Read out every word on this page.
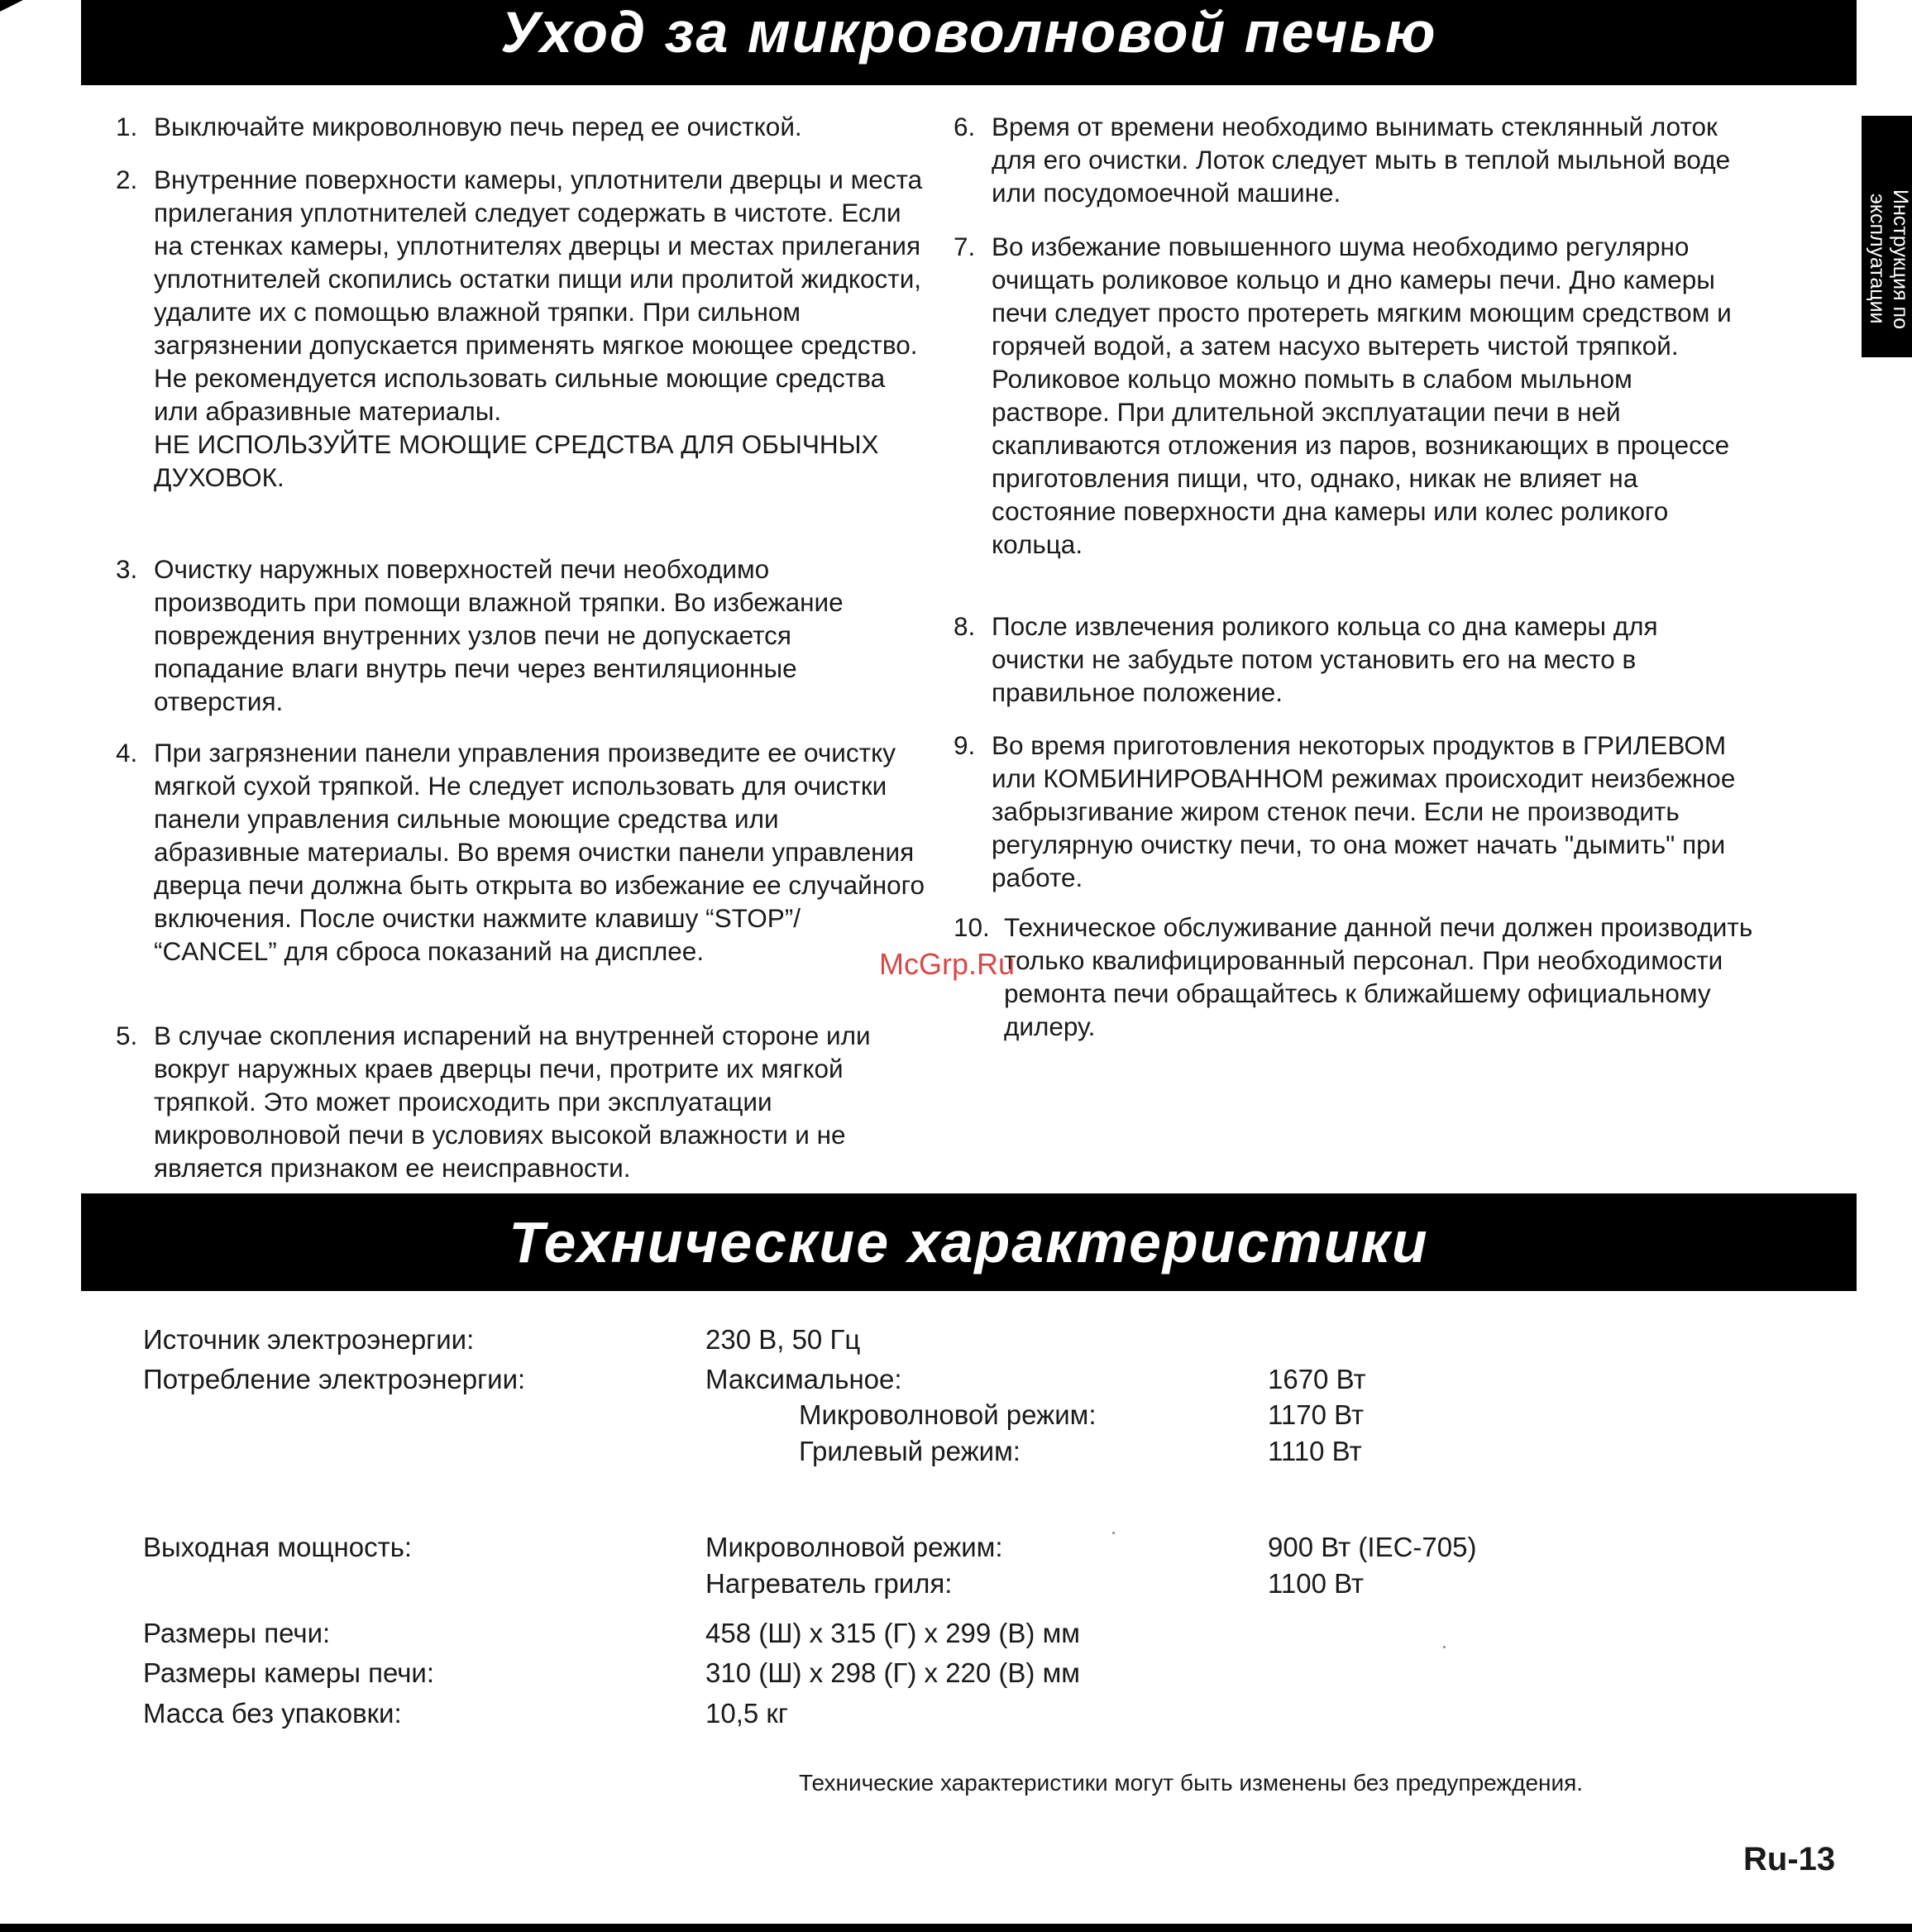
Уход за микроволновой печью
Инструкция по
эксплуатации
1. Выключайте микроволновую печь перед ее очисткой.
2. Внутренние поверхности камеры, уплотнители дверцы и места прилегания уплотнителей следует содержать в чистоте. Если на стенках камеры, уплотнителях дверцы и местах прилегания уплотнителей скопились остатки пищи или пролитой жидкости, удалите их с помощью влажной тряпки. При сильном загрязнении допускается применять мягкое моющее средство. Не рекомендуется использовать сильные моющие средства или абразивные материалы.
НЕ ИСПОЛЬЗУЙТЕ МОЮЩИЕ СРЕДСТВА ДЛЯ ОБЫЧНЫХ ДУХОВОК.
3. Очистку наружных поверхностей печи необходимо производить при помощи влажной тряпки. Во избежание повреждения внутренних узлов печи не допускается попадание влаги внутрь печи через вентиляционные отверстия.
4. При загрязнении панели управления произведите ее очистку мягкой сухой тряпкой. Не следует использовать для очистки панели управления сильные моющие средства или абразивные материалы. Во время очистки панели управления дверца печи должна быть открыта во избежание ее случайного включения. После очистки нажмите клавишу “STOP”/ “CANCEL” для сброса показаний на дисплее.
5. В случае скопления испарений на внутренней стороне или вокруг наружных краев дверцы печи, протрите их мягкой тряпкой. Это может происходить при эксплуатации микроволновой печи в условиях высокой влажности и не является признаком ее неисправности.
6. Время от времени необходимо вынимать стеклянный лоток для его очистки. Лоток следует мыть в теплой мыльной воде или посудомоечной машине.
7. Во избежание повышенного шума необходимо регулярно очищать роликовое кольцо и дно камеры печи. Дно камеры печи следует просто протереть мягким моющим средством и горячей водой, а затем насухо вытереть чистой тряпкой. Роликовое кольцо можно помыть в слабом мыльном растворе. При длительной эксплуатации печи в ней скапливаются отложения из паров, возникающих в процессе приготовления пищи, что, однако, никак не влияет на состояние поверхности дна камеры или колес роликого кольца.
8. После извлечения роликого кольца со дна камеры для очистки не забудьте потом установить его на место в правильное положение.
9. Во время приготовления некоторых продуктов в ГРИЛЕВОМ или КОМБИНИРОВАННОМ режимах происходит неизбежное забрызгивание жиром стенок печи. Если не производить регулярную очистку печи, то она может начать "дымить" при работе.
10. Техническое обслуживание данной печи должен производить только квалифицированный персонал. При необходимости ремонта печи обращайтесь к ближайшему официальному дилеру.
McGrp.Ru
Технические характеристики
Источник электроэнергии:	230 В, 50 Гц
Потребление электроэнергии:	Максимальное:	1670 Вт
Микроволновой режим:	1170 Вт
Грилевый режим:	1110 Вт
Выходная мощность:	Микроволновой режим:	900 Вт (IEC-705)
Нагреватель гриля:	1100 Вт
Размеры печи:	458 (Ш) x 315 (Г) x 299 (В) мм
Размеры камеры печи:	310 (Ш) x 298 (Г) x 220 (В) мм
Масса без упаковки:	10,5 кг
Технические характеристики могут быть изменены без предупреждения.
Ru-13
